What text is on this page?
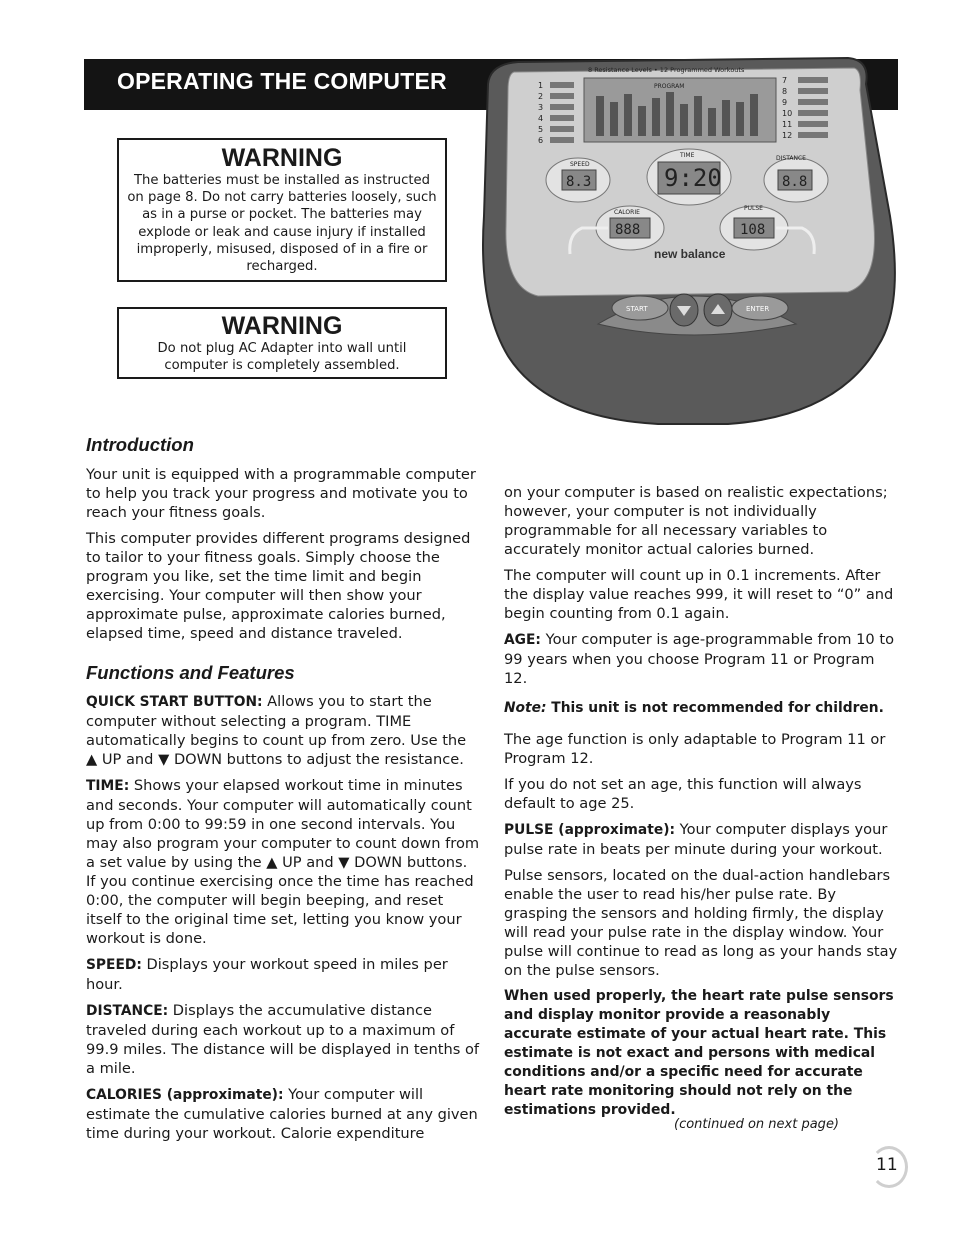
OPERATING THE COMPUTER	8 Resistance Levels • 12 Programmed Workouts
PROGRAM
1
2
3
4
5
6
7
8
9
10
11
12
8.3	9:20	8.8
888	108
SPEED
TIME	DISTANCE
CALORIE
PULSE
new balance
START	ENTER
WARNING
The batteries must be installed as instructed on page 8. Do not carry batteries loosely, such as in a purse or pocket. The batteries may explode or leak and cause injury if installed improperly, misused, disposed of in a fire or recharged.
WARNING
Do not plug AC Adapter into wall until computer is completely assembled.
Introduction

Your unit is equipped with a programmable computer to help you track your progress and motivate you to reach your fitness goals.

This computer provides different programs designed to tailor to your fitness goals. Simply choose the program you like, set the time limit and begin exercising. Your computer will then show your approximate pulse, approximate calories burned, elapsed time, speed and distance traveled.

Functions and Features

QUICK START BUTTON: Allows you to start the computer without selecting a program. TIME automatically begins to count up from zero. Use the ▲ UP and ▼ DOWN buttons to adjust the resistance.

TIME: Shows your elapsed workout time in minutes and seconds. Your computer will automatically count up from 0:00 to 99:59 in one second intervals. You may also program your computer to count down from a set value by using the ▲ UP and ▼ DOWN buttons. If you continue exercising once the time has reached 0:00, the computer will begin beeping, and reset itself to the original time set, letting you know your workout is done.

SPEED: Displays your workout speed in miles per hour.

DISTANCE: Displays the accumulative distance traveled during each workout up to a maximum of 99.9 miles. The distance will be displayed in tenths of a mile.

CALORIES (approximate): Your computer will estimate the cumulative calories burned at any given time during your workout. Calorie expenditure

on your computer is based on realistic expectations; however, your computer is not individually programmable for all necessary variables to accurately monitor actual calories burned.

The computer will count up in 0.1 increments. After the display value reaches 999, it will reset to “0” and begin counting from 0.1 again.

AGE: Your computer is age-programmable from 10 to 99 years when you choose Program 11 or Program 12.

Note: This unit is not recommended for children.

The age function is only adaptable to Program 11 or Program 12.

If you do not set an age, this function will always default to age 25.

PULSE (approximate): Your computer displays your pulse rate in beats per minute during your workout.

Pulse sensors, located on the dual-action handlebars enable the user to read his/her pulse rate. By grasping the sensors and holding firmly, the display will read your pulse rate in the display window. Your pulse will continue to read as long as your hands stay on the pulse sensors.

When used properly, the heart rate pulse sensors and display monitor provide a reasonably accurate estimate of your actual heart rate. This estimate is not exact and persons with medical conditions and/or a specific need for accurate heart rate monitoring should not rely on the estimations provided.

(continued on next page)
11
